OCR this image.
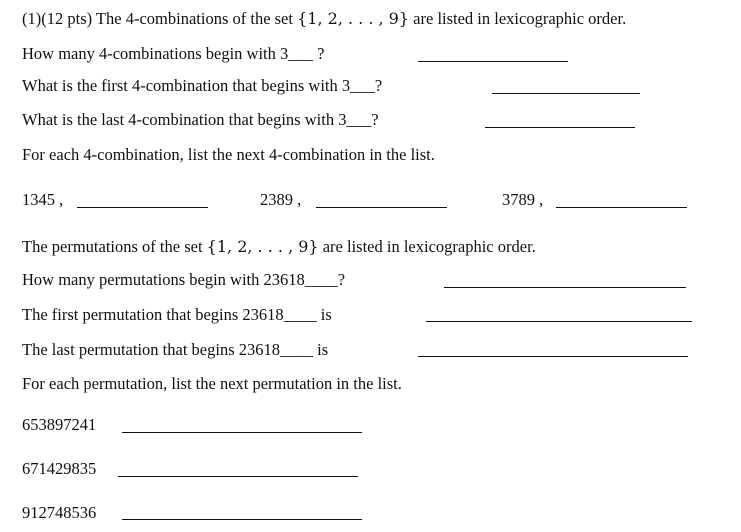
(1)(12 pts) The 4-combinations of the set {1, 2, . . . , 9} are listed in lexicographic order.
How many 4-combinations begin with 3___ ?
What is the first 4-combination that begins with 3___?
What is the last 4-combination that begins with 3___?
For each 4-combination, list the next 4-combination in the list.
1345 ,	2389 ,	3789 ,
The permutations of the set {1, 2, . . . , 9} are listed in lexicographic order.
How many permutations begin with 23618____?
The first permutation that begins 23618____ is
The last permutation that begins 23618____ is
For each permutation, list the next permutation in the list.
653897241
671429835
912748536
